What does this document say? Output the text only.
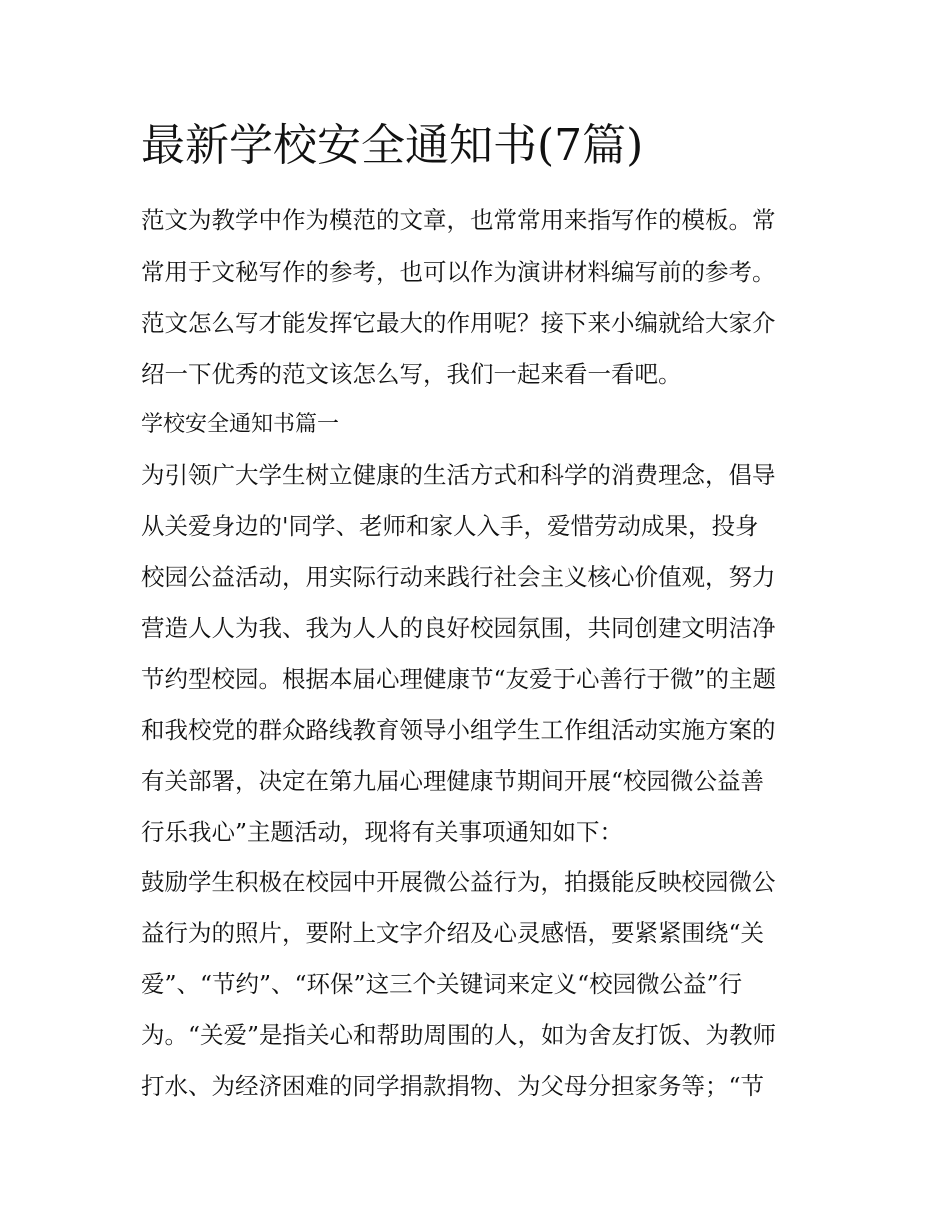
最新学校安全通知书(7篇)

范文为教学中作为模范的文章，也常常用来指写作的模板。常

常用于文秘写作的参考，也可以作为演讲材料编写前的参考。

范文怎么写才能发挥它最大的作用呢？接下来小编就给大家介

绍一下优秀的范文该怎么写，我们一起来看一看吧。

学校安全通知书篇一

为引领广大学生树立健康的生活方式和科学的消费理念，倡导

从关爱身边的'同学、老师和家人入手，爱惜劳动成果，投身

校园公益活动，用实际行动来践行社会主义核心价值观，努力

营造人人为我、我为人人的良好校园氛围，共同创建文明洁净

节约型校园。根据本届心理健康节“友爱于心善行于微”的主题

和我校党的群众路线教育领导小组学生工作组活动实施方案的

有关部署，决定在第九届心理健康节期间开展“校园微公益善

行乐我心”主题活动，现将有关事项通知如下：

鼓励学生积极在校园中开展微公益行为，拍摄能反映校园微公

益行为的照片，要附上文字介绍及心灵感悟，要紧紧围绕“关

爱”、“节约”、“环保”这三个关键词来定义“校园微公益”行

为。“关爱”是指关心和帮助周围的人，如为舍友打饭、为教师

打水、为经济困难的同学捐款捐物、为父母分担家务等；“节
